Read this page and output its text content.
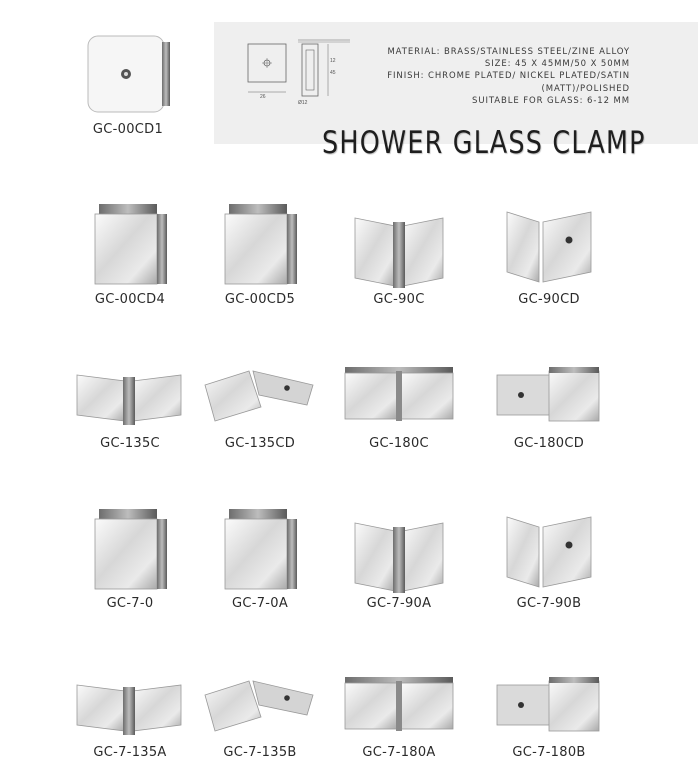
26
12
45
Ø12
MATERIAL: BRASS/STAINLESS STEEL/ZINE ALLOY
SIZE: 45 X 45MM/50 X 50MM
FINISH: CHROME PLATED/ NICKEL PLATED/SATIN
(MATT)/POLISHED
SUITABLE FOR GLASS: 6-12 MM
SHOWER GLASS CLAMP
GC-00CD1
GC-00CD4	GC-00CD5	GC-90C	GC-90CD
GC-135C	GC-135CD	GC-180C	GC-180CD
GC-7-0	GC-7-0A	GC-7-90A	GC-7-90B
GC-7-135A	GC-7-135B	GC-7-180A	GC-7-180B
